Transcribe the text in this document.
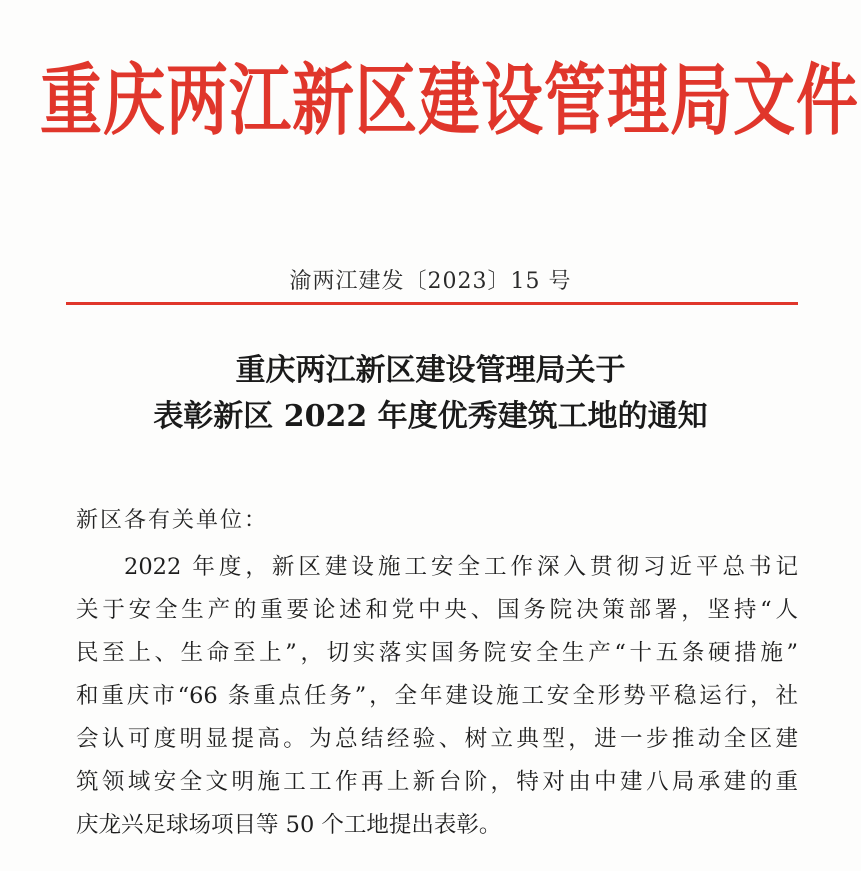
重庆两江新区建设管理局文件
渝两江建发〔2023〕15 号
重庆两江新区建设管理局关于
表彰新区 2022 年度优秀建筑工地的通知
新区各有关单位：
2022 年度，新区建设施工安全工作深入贯彻习近平总书记
关于安全生产的重要论述和党中央、国务院决策部署，坚持“人
民至上、生命至上”，切实落实国务院安全生产“十五条硬措施”
和重庆市“66 条重点任务”，全年建设施工安全形势平稳运行，社
会认可度明显提高。为总结经验、树立典型，进一步推动全区建
筑领域安全文明施工工作再上新台阶，特对由中建八局承建的重
庆龙兴足球场项目等 50 个工地提出表彰。
